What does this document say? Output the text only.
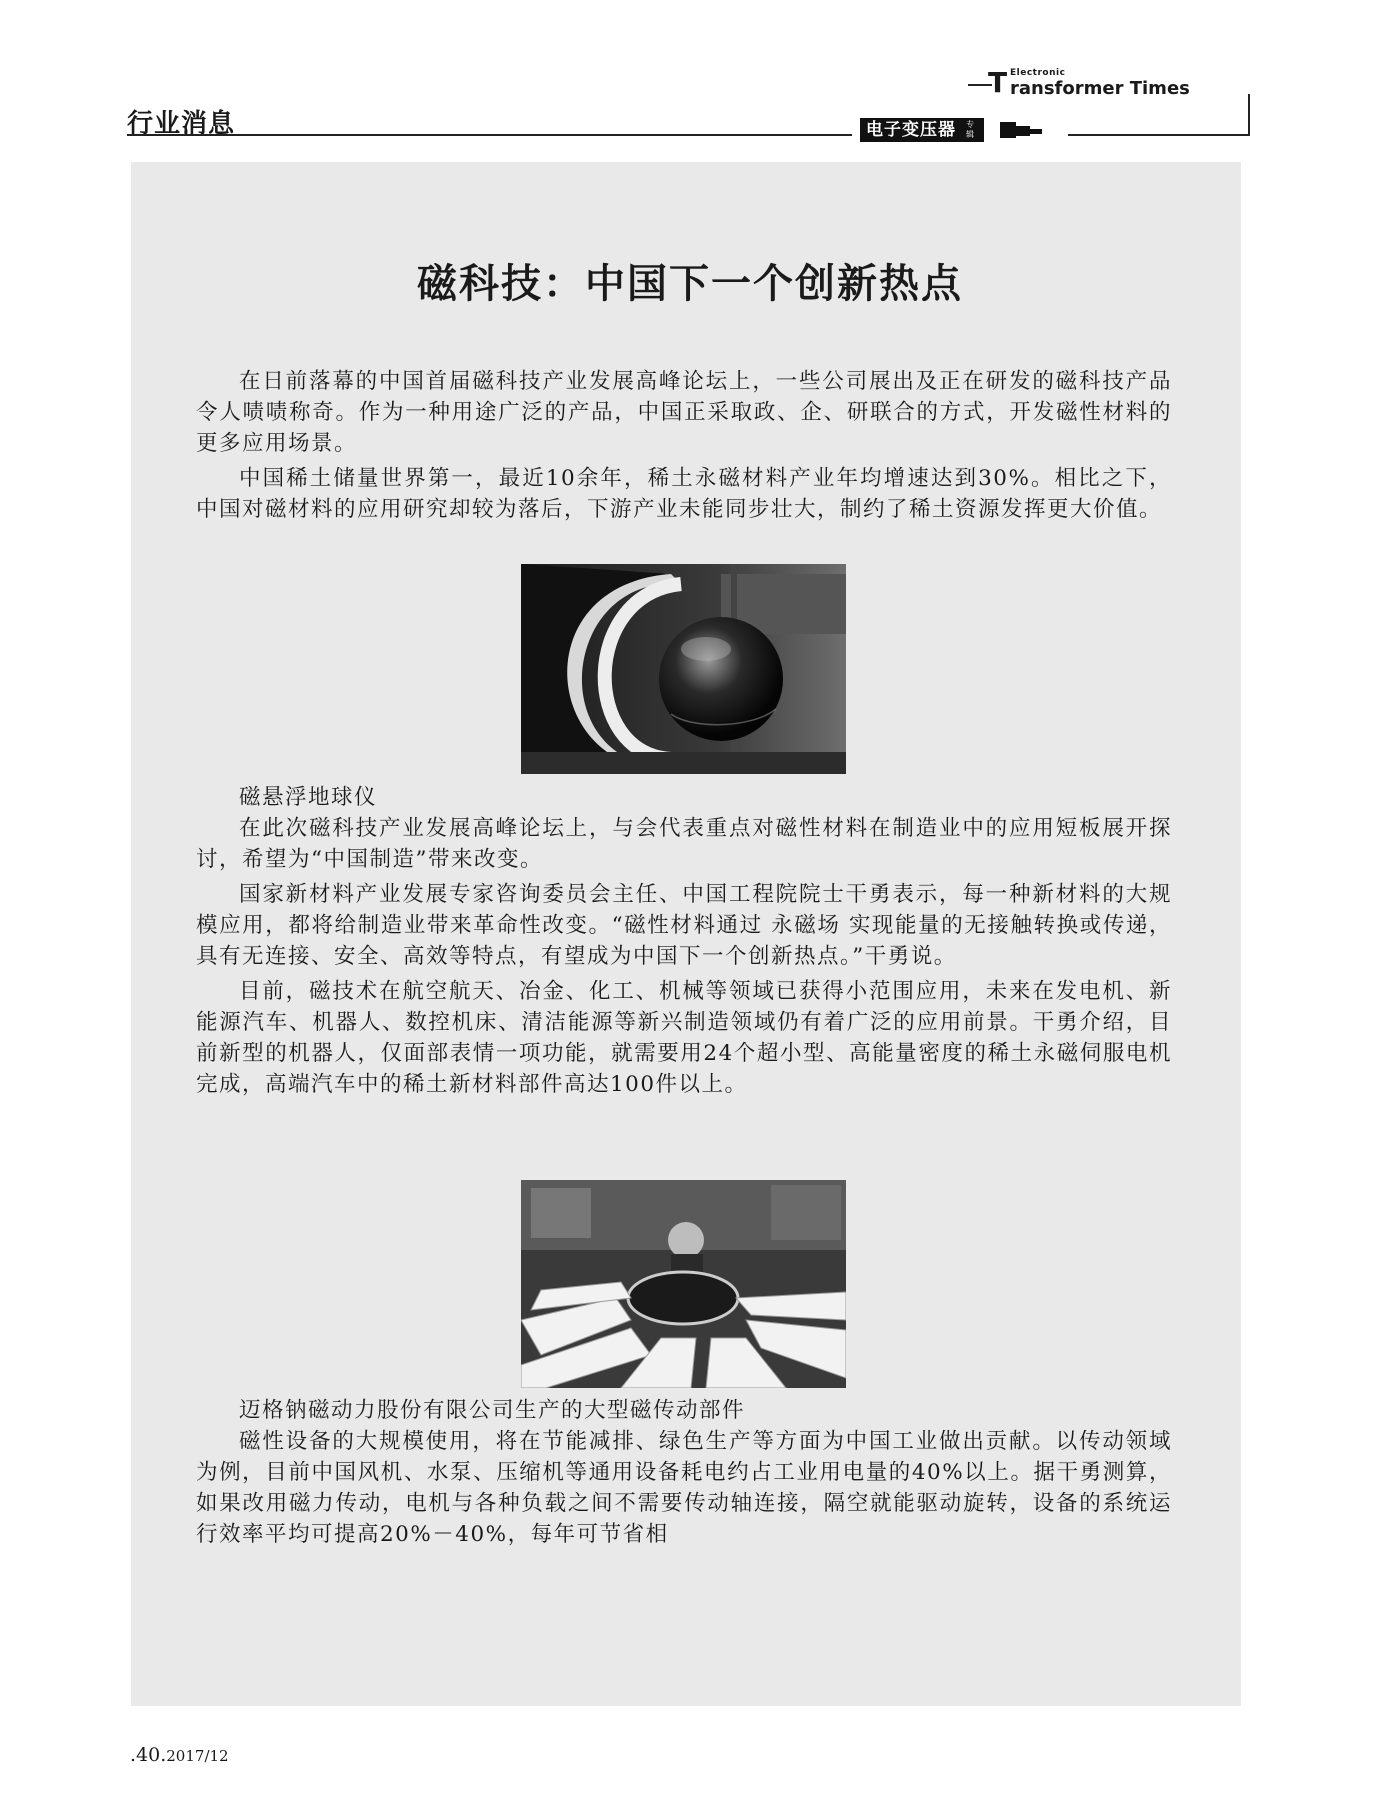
行业消息
T Electronic
ransformer Times
电子变压器	专辑
磁科技：中国下一个创新热点

在日前落幕的中国首届磁科技产业发展高峰论坛上，一些公司展出及正在研发的磁科技产品令人啧啧称奇。作为一种用途广泛的产品，中国正采取政、企、研联合的方式，开发磁性材料的更多应用场景。

中国稀土储量世界第一，最近10余年，稀土永磁材料产业年均增速达到30%。相比之下，中国对磁材料的应用研究却较为落后，下游产业未能同步壮大，制约了稀土资源发挥更大价值。

磁悬浮地球仪

在此次磁科技产业发展高峰论坛上，与会代表重点对磁性材料在制造业中的应用短板展开探讨，希望为“中国制造”带来改变。

国家新材料产业发展专家咨询委员会主任、中国工程院院士干勇表示，每一种新材料的大规模应用，都将给制造业带来革命性改变。“磁性材料通过 永磁场 实现能量的无接触转换或传递，具有无连接、安全、高效等特点，有望成为中国下一个创新热点。”干勇说。

目前，磁技术在航空航天、冶金、化工、机械等领域已获得小范围应用，未来在发电机、新能源汽车、机器人、数控机床、清洁能源等新兴制造领域仍有着广泛的应用前景。干勇介绍，目前新型的机器人，仅面部表情一项功能，就需要用24个超小型、高能量密度的稀土永磁伺服电机完成，高端汽车中的稀土新材料部件高达100件以上。

迈格钠磁动力股份有限公司生产的大型磁传动部件

磁性设备的大规模使用，将在节能减排、绿色生产等方面为中国工业做出贡献。以传动领域为例，目前中国风机、水泵、压缩机等通用设备耗电约占工业用电量的40%以上。据干勇测算，如果改用磁力传动，电机与各种负载之间不需要传动轴连接，隔空就能驱动旋转，设备的系统运行效率平均可提高20%－40%，每年可节省相

.40.2017/12
